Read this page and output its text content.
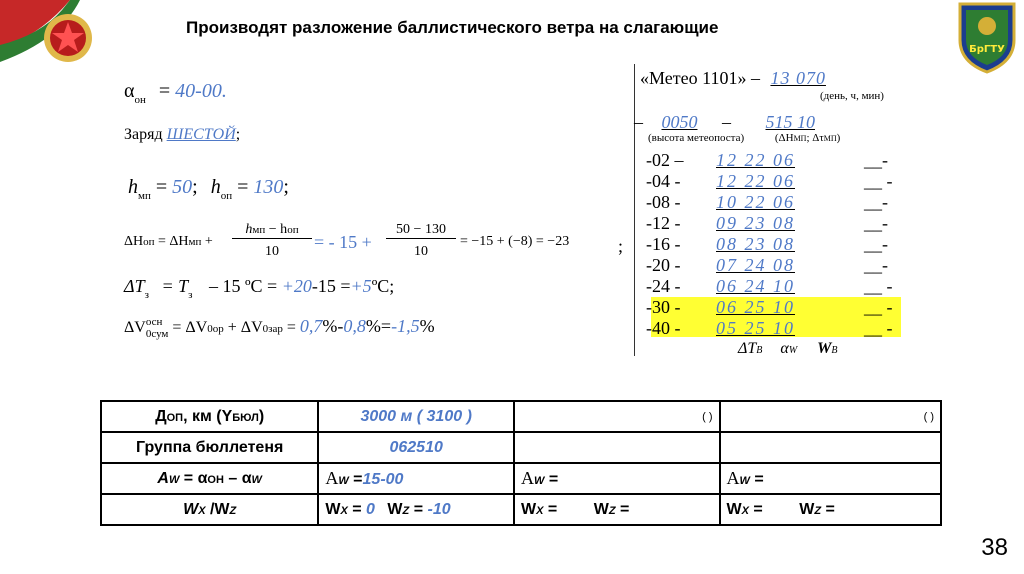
БрГТУ
Производят разложение баллистического ветра на слагающие
$\alpha_{он} = 40-00$.
Заряд ШЕСТОЙ;
$h_{мп} = 50$; $h_{оп} = 130$;
ΔHоп = ΔHмп +
hмп − hоп
10	= - 15 +
50 − 130
10
= −15 + (−8) = −23	;
$\Delta T_з = T_з - 15$ ºC = +20-15 =+5ºC;
ΔV осн
0сум = ΔV0ор + ΔV0зар = 0,7%-0,8%=-1,5%
«Метео 1101» – 13 070
(день, ч, мин)
– 0050 – 515 10
(высота метеопоста)	(ΔHМП; ΔτМП)
-02 – 12 22 06	__-
-04 - 12 22 06	__ -
-08 - 10 22 06	__-
-12 - 09 23 08	__-
-16 - 08 23 08	__-
-20 - 07 24 08	__-
-24 - 06 24 10	__ -
-30 - 06 25 10	__ -
-40 - 05 25 10	__ -
ΔTB αW WB
ДОП, км (YБЮЛ)	3000 м ( 3100 )	( )	( )
Группа бюллетеня	062510		
AW = αОН – αW	AW =15-00	AW =	AW =
WX /WZ	WX = 0 WZ = -10	WX = WZ =	WX = WZ =
38
